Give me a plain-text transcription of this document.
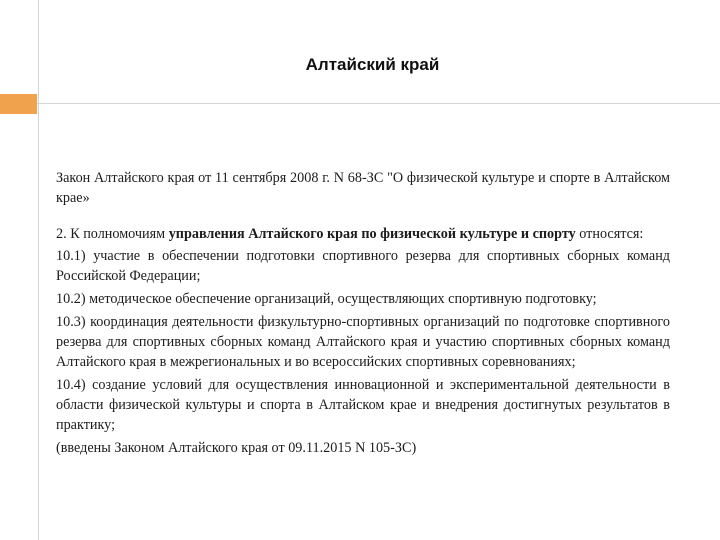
Алтайский край

Закон Алтайского края от 11 сентября 2008 г. N 68-ЗС "О физической культуре и спорте в Алтайском крае»

2. К полномочиям управления Алтайского края по физической культуре и спорту относятся:

10.1) участие в обеспечении подготовки спортивного резерва для спортивных сборных команд Российской Федерации;

10.2) методическое обеспечение организаций, осуществляющих спортивную подготовку;

10.3) координация деятельности физкультурно-спортивных организаций по подготовке спортивного резерва для спортивных сборных команд Алтайского края и участию спортивных сборных команд Алтайского края в межрегиональных и во всероссийских спортивных соревнованиях;

10.4) создание условий для осуществления инновационной и экспериментальной деятельности в области физической культуры и спорта в Алтайском крае и внедрения достигнутых результатов в практику;

(введены Законом Алтайского края от 09.11.2015 N 105-ЗС)
